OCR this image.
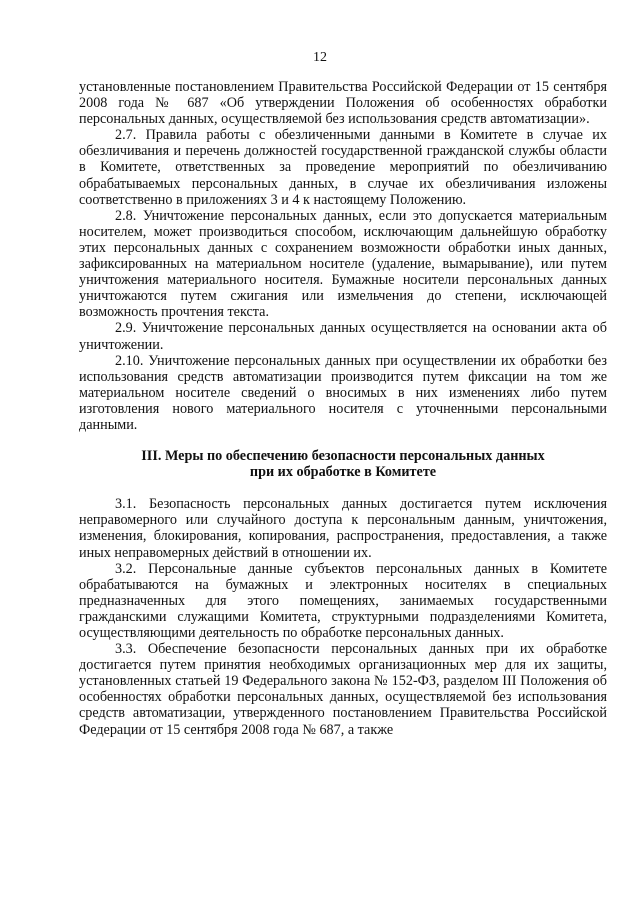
12

установленные постановлением Правительства Российской Федерации от 15 сентября 2008 года № 687 «Об утверждении Положения об особенностях обработки персональных данных, осуществляемой без использования средств автоматизации».

2.7. Правила работы с обезличенными данными в Комитете в случае их обезличивания и перечень должностей государственной гражданской службы области в Комитете, ответственных за проведение мероприятий по обезличиванию обрабатываемых персональных данных, в случае их обезличивания изложены соответственно в приложениях 3 и 4 к настоящему Положению.

2.8. Уничтожение персональных данных, если это допускается материальным носителем, может производиться способом, исключающим дальнейшую обработку этих персональных данных с сохранением возможности обработки иных данных, зафиксированных на материальном носителе (удаление, вымарывание), или путем уничтожения материального носителя. Бумажные носители персональных данных уничтожаются путем сжигания или измельчения до степени, исключающей возможность прочтения текста.

2.9. Уничтожение персональных данных осуществляется на основании акта об уничтожении.

2.10. Уничтожение персональных данных при осуществлении их обработки без использования средств автоматизации производится путем фиксации на том же материальном носителе сведений о вносимых в них изменениях либо путем изготовления нового материального носителя с уточненными персональными данными.

III. Меры по обеспечению безопасности персональных данных
при их обработке в Комитете

3.1. Безопасность персональных данных достигается путем исключения неправомерного или случайного доступа к персональным данным, уничтожения, изменения, блокирования, копирования, распространения, предоставления, а также иных неправомерных действий в отношении их.

3.2. Персональные данные субъектов персональных данных в Комитете обрабатываются на бумажных и электронных носителях в специальных предназначенных для этого помещениях, занимаемых государственными гражданскими служащими Комитета, структурными подразделениями Комитета, осуществляющими деятельность по обработке персональных данных.

3.3. Обеспечение безопасности персональных данных при их обработке достигается путем принятия необходимых организационных мер для их защиты, установленных статьей 19 Федерального закона № 152-ФЗ, разделом III Положения об особенностях обработки персональных данных, осуществляемой без использования средств автоматизации, утвержденного постановлением Правительства Российской Федерации от 15 сентября 2008 года № 687, а также
